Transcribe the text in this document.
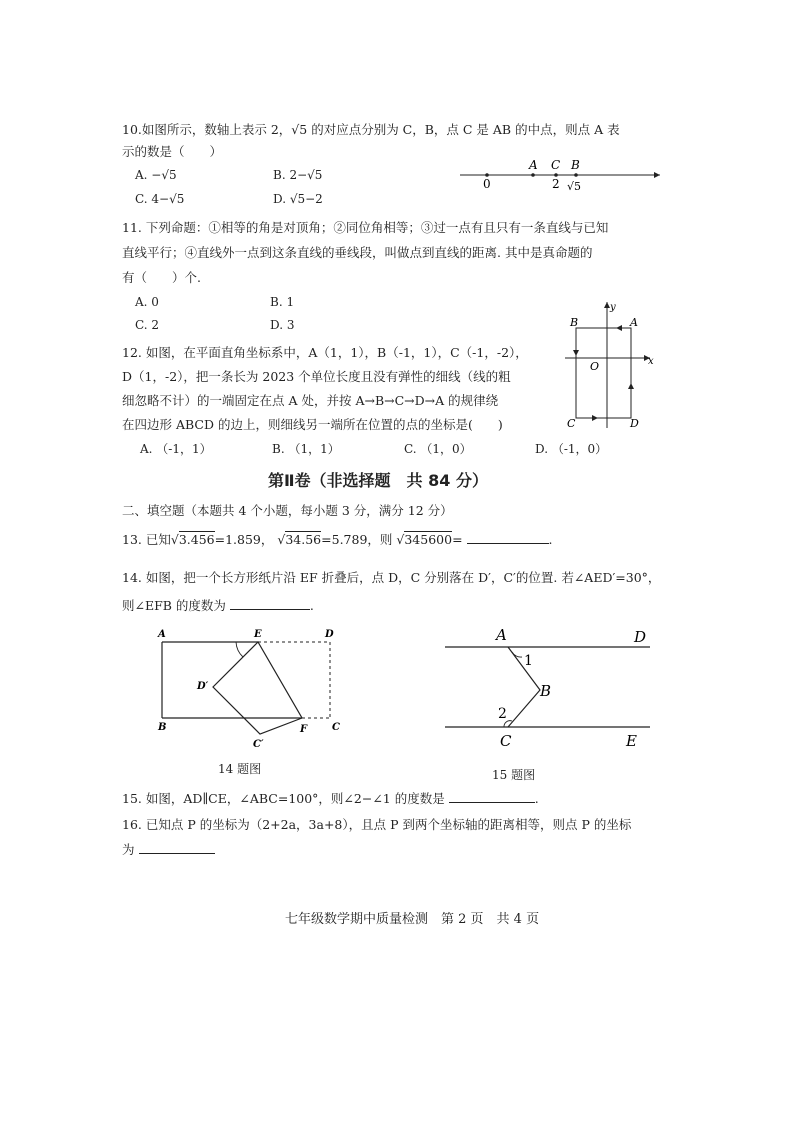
10.如图所示，数轴上表示 2，√5 的对应点分别为 C，B，点 C 是 AB 的中点，则点 A 表
示的数是（　　）
A. −√5	B. 2−√5
C. 4−√5	D. √5−2
A C B
0	2 √5
11. 下列命题：①相等的角是对顶角；②同位角相等；③过一点有且只有一条直线与已知
直线平行；④直线外一点到这条直线的垂线段，叫做点到直线的距离. 其中是真命题的
有（　　）个.
A. 0	B. 1
C. 2	D. 3
12. 如图，在平面直角坐标系中，A（1，1），B（-1，1），C（-1，-2），
D（1，-2），把一条长为 2023 个单位长度且没有弹性的细线（线的粗
细忽略不计）的一端固定在点 A 处，并按 A→B→C→D→A 的规律绕
在四边形 ABCD 的边上，则细线另一端所在位置的点的坐标是(　　)
A. （-1，1）	B. （1，1）	C. （1，0）	D. （-1，0）
A
B
C	D
O	x
y
第Ⅱ卷（非选择题　共 84 分）
二、填空题（本题共 4 个小题，每小题 3 分，满分 12 分）
13. 已知√3.456=1.859， √34.56=5.789，则 √345600=	.
14. 如图，把一个长方形纸片沿 EF 折叠后，点 D，C 分别落在 D′，C′的位置. 若∠AED′=30°，
则∠EFB 的度数为	.
A	E	D
D′
B	F C
C′
14 题图
A	D
1
B
2
C	E
15 题图
15. 如图，AD∥CE，∠ABC=100°，则∠2−∠1 的度数是	.
16. 已知点 P 的坐标为（2+2a，3a+8），且点 P 到两个坐标轴的距离相等，则点 P 的坐标
为
七年级数学期中质量检测　第 2 页　共 4 页
